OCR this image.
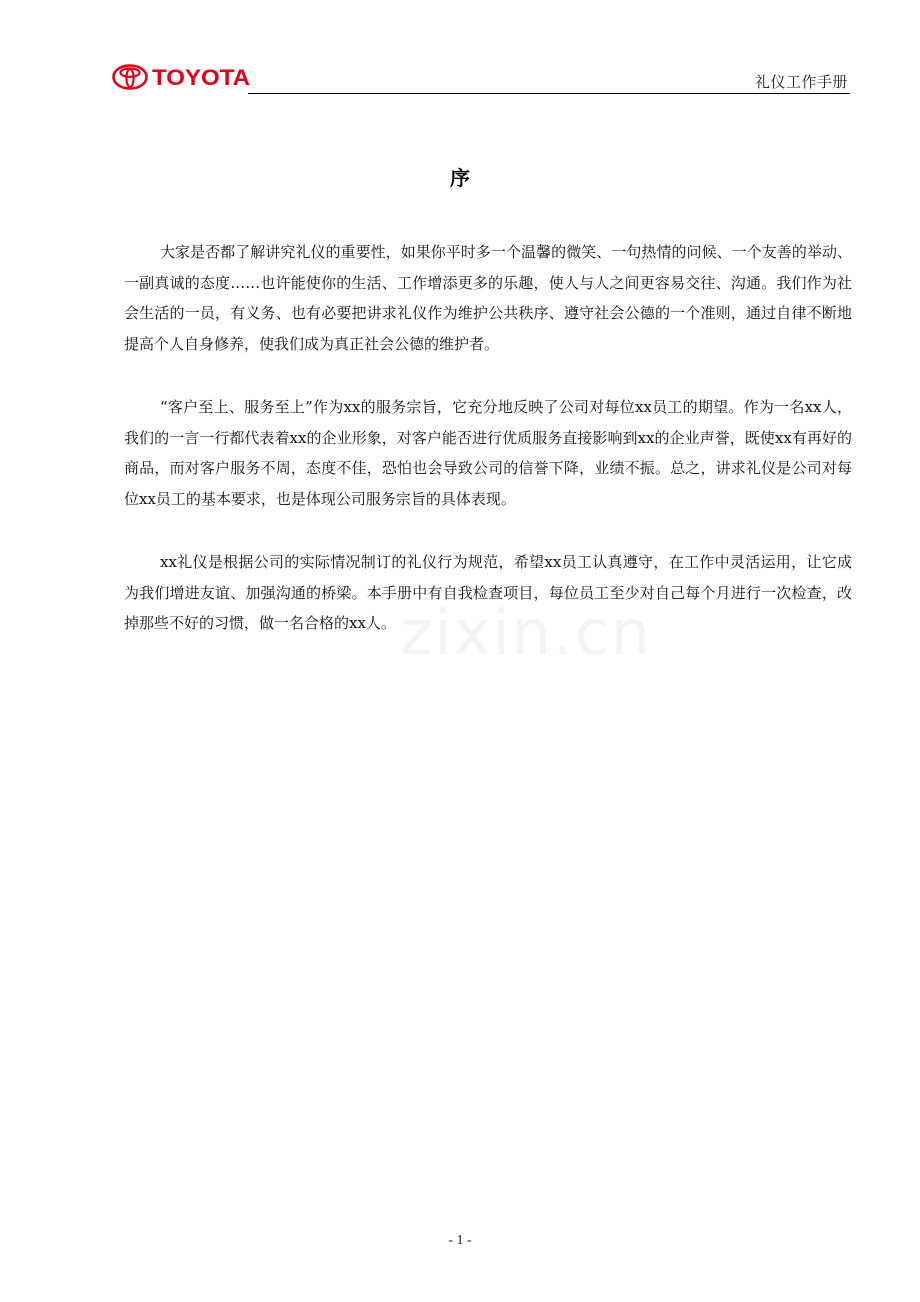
TOYOTA	礼仪工作手册
序

大家是否都了解讲究礼仪的重要性，如果你平时多一个温馨的微笑、一句热情的问候、一个友善的举动、一副真诚的态度……也许能使你的生活、工作增添更多的乐趣，使人与人之间更容易交往、沟通。我们作为社会生活的一员，有义务、也有必要把讲求礼仪作为维护公共秩序、遵守社会公德的一个准则，通过自律不断地提高个人自身修养，使我们成为真正社会公德的维护者。

“客户至上、服务至上”作为xx的服务宗旨，它充分地反映了公司对每位xx员工的期望。作为一名xx人，我们的一言一行都代表着xx的企业形象，对客户能否进行优质服务直接影响到xx的企业声誉，既使xx有再好的商品，而对客户服务不周，态度不佳，恐怕也会导致公司的信誉下降，业绩不振。总之，讲求礼仪是公司对每位xx员工的基本要求，也是体现公司服务宗旨的具体表现。

xx礼仪是根据公司的实际情况制订的礼仪行为规范，希望xx员工认真遵守，在工作中灵活运用，让它成为我们增进友谊、加强沟通的桥梁。本手册中有自我检查项目，每位员工至少对自己每个月进行一次检查，改掉那些不好的习惯，做一名合格的xx人。 zixin.cn
- 1 -
